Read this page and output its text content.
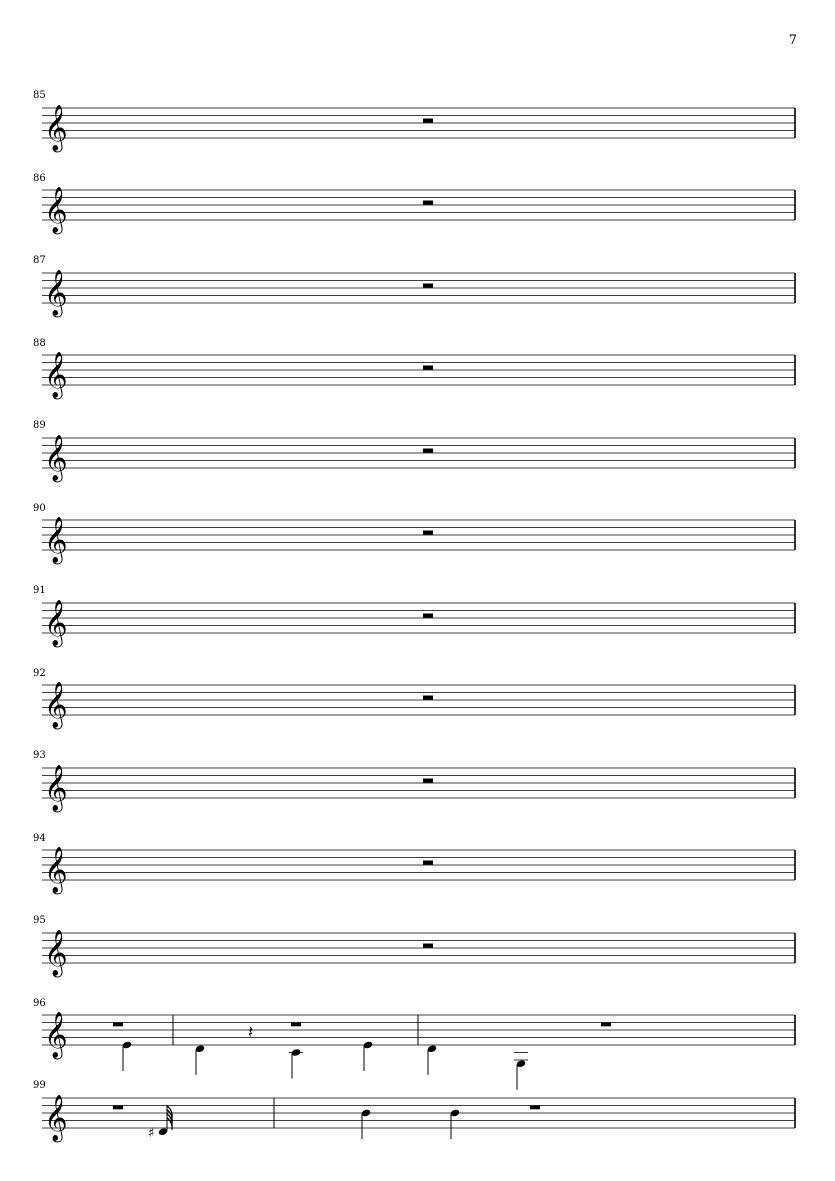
7
85
86
87
88
89
90
91
92
93
94
95
96
99
𝄞
𝄞
𝄞
𝄞
𝄞
𝄞
𝄞
𝄞
𝄞
𝄞
𝄞
𝄞	𝄽
𝄞	♯
